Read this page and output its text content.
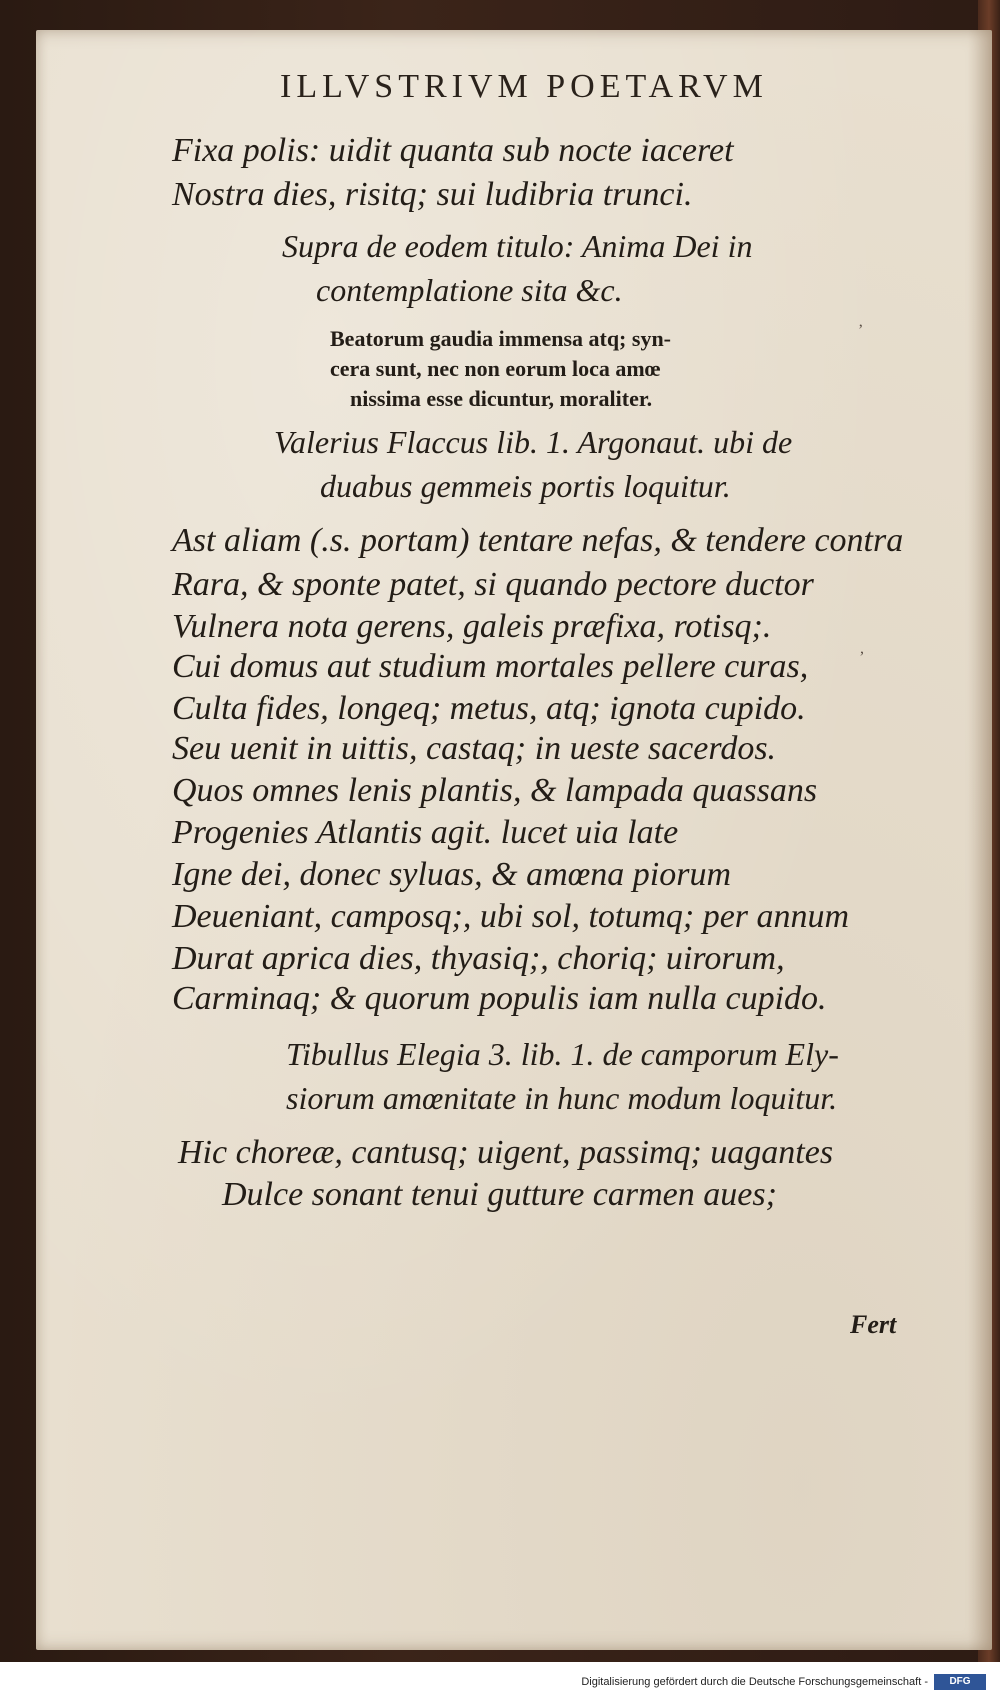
ILLVSTRIVM POETARVM
Fixa polis: uidit quanta sub nocte iaceret
Nostra dies, risitq; sui ludibria trunci.
Supra de eodem titulo: Anima Dei in
contemplatione sita &c.
Beatorum gaudia immensa atq; syn-
cera sunt, nec non eorum loca amœ
nissima esse dicuntur, moraliter.
’
Valerius Flaccus lib. 1. Argonaut. ubi de
duabus gemmeis portis loquitur.
Ast aliam (.s. portam) tentare nefas, & tendere contra
Rara, & sponte patet, si quando pectore ductor
Vulnera nota gerens, galeis præfixa, rotisq;.
Cui domus aut studium mortales pellere curas,
Culta fides, longeq; metus, atq; ignota cupido.
Seu uenit in uittis, castaq; in ueste sacerdos.
Quos omnes lenis plantis, & lampada quassans
Progenies Atlantis agit. lucet uia late
Igne dei, donec syluas, & amœna piorum
Deueniant, camposq;, ubi sol, totumq; per annum
Durat aprica dies, thyasiq;, choriq; uirorum,
Carminaq; & quorum populis iam nulla cupido.
,
Tibullus Elegia 3. lib. 1. de camporum Ely-
siorum amœnitate in hunc modum loquitur.
Hic choreæ, cantusq; uigent, passimq; uagantes
Dulce sonant tenui gutture carmen aues;
Fert
Digitalisierung gefördert durch die Deutsche Forschungsgemeinschaft -	DFG
